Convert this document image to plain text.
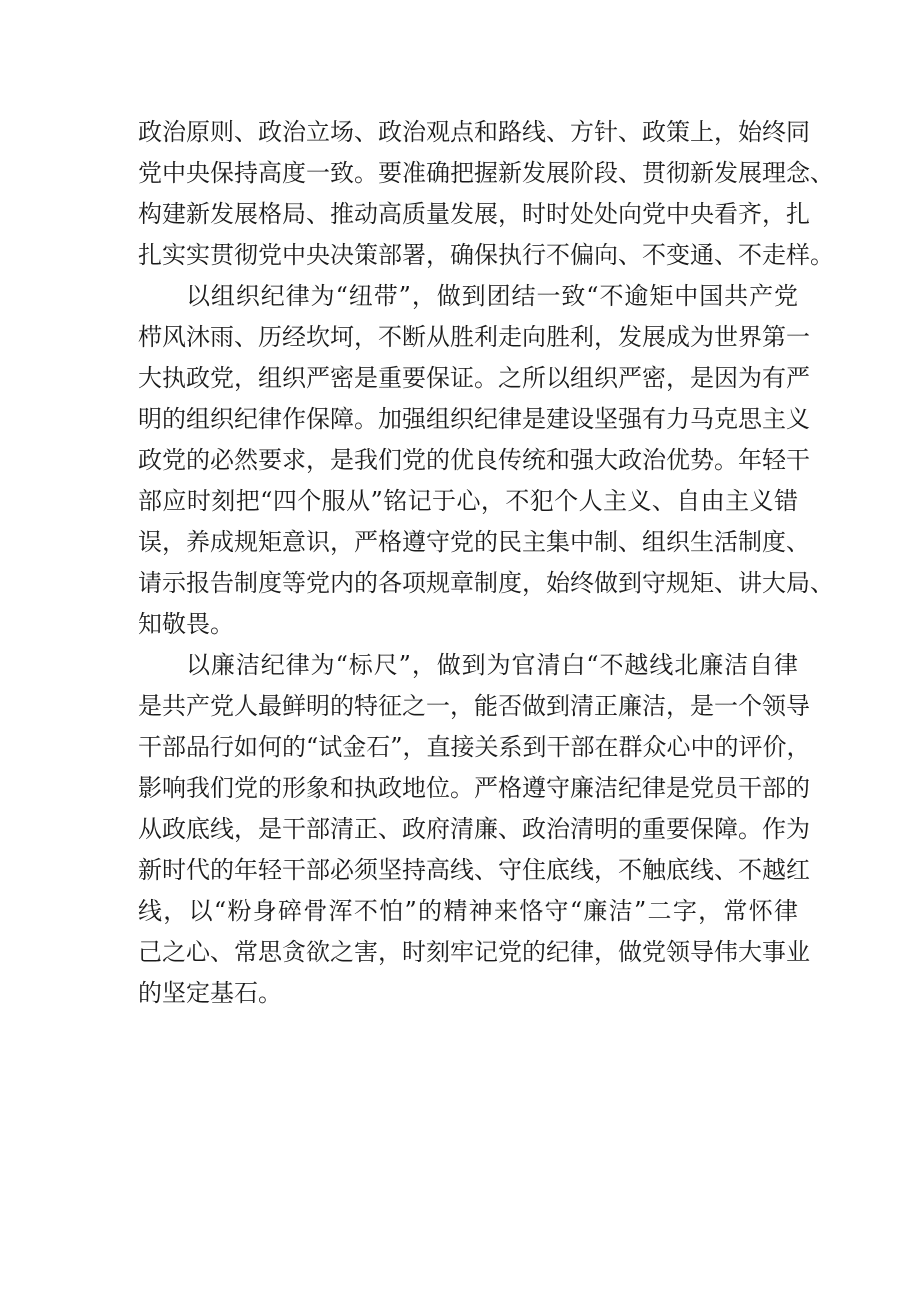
政治原则、政治立场、政治观点和路线、方针、政策上，始终同
党中央保持高度一致。要准确把握新发展阶段、贯彻新发展理念、
构建新发展格局、推动高质量发展，时时处处向党中央看齐，扎
扎实实贯彻党中央决策部署，确保执行不偏向、不变通、不走样。
以组织纪律为“纽带”，做到团结一致“不逾矩中国共产党
栉风沐雨、历经坎坷，不断从胜利走向胜利，发展成为世界第一
大执政党，组织严密是重要保证。之所以组织严密，是因为有严
明的组织纪律作保障。加强组织纪律是建设坚强有力马克思主义
政党的必然要求，是我们党的优良传统和强大政治优势。年轻干
部应时刻把“四个服从”铭记于心，不犯个人主义、自由主义错
误，养成规矩意识，严格遵守党的民主集中制、组织生活制度、
请示报告制度等党内的各项规章制度，始终做到守规矩、讲大局、
知敬畏。
以廉洁纪律为“标尺”，做到为官清白“不越线北廉洁自律
是共产党人最鲜明的特征之一，能否做到清正廉洁，是一个领导
干部品行如何的“试金石”，直接关系到干部在群众心中的评价，
影响我们党的形象和执政地位。严格遵守廉洁纪律是党员干部的
从政底线，是干部清正、政府清廉、政治清明的重要保障。作为
新时代的年轻干部必须坚持高线、守住底线，不触底线、不越红
线，以“粉身碎骨浑不怕”的精神来恪守“廉洁”二字，常怀律
己之心、常思贪欲之害，时刻牢记党的纪律，做党领导伟大事业
的坚定基石。
